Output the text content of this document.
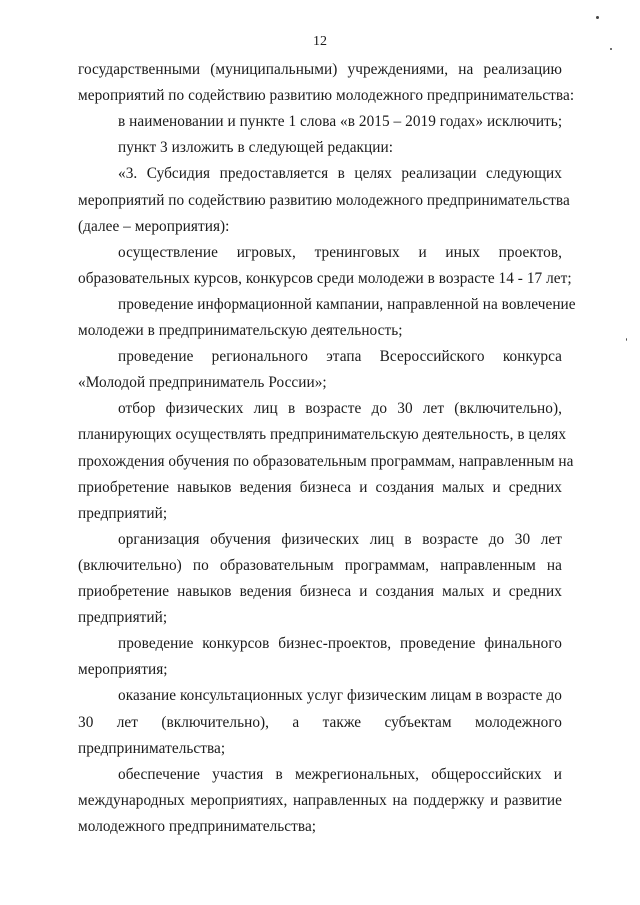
12
государственными (муниципальными) учреждениями, на реализацию
мероприятий по содействию развитию молодежного предпринимательства:
в наименовании и пункте 1 слова «в 2015 – 2019 годах» исключить;
пункт 3 изложить в следующей редакции:
«3. Субсидия предоставляется в целях реализации следующих
мероприятий по содействию развитию молодежного предпринимательства
(далее – мероприятия):
осуществление игровых, тренинговых и иных проектов,
образовательных курсов, конкурсов среди молодежи в возрасте 14 - 17 лет;
проведение информационной кампании, направленной на вовлечение
молодежи в предпринимательскую деятельность;
проведение регионального этапа Всероссийского конкурса
«Молодой предприниматель России»;
отбор физических лиц в возрасте до 30 лет (включительно),
планирующих осуществлять предпринимательскую деятельность, в целях
прохождения обучения по образовательным программам, направленным на
приобретение навыков ведения бизнеса и создания малых и средних
предприятий;
организация обучения физических лиц в возрасте до 30 лет
(включительно) по образовательным программам, направленным на
приобретение навыков ведения бизнеса и создания малых и средних
предприятий;
проведение конкурсов бизнес-проектов, проведение финального
мероприятия;
оказание консультационных услуг физическим лицам в возрасте до
30 лет (включительно), а также субъектам молодежного
предпринимательства;
обеспечение участия в межрегиональных, общероссийских и
международных мероприятиях, направленных на поддержку и развитие
молодежного предпринимательства;
